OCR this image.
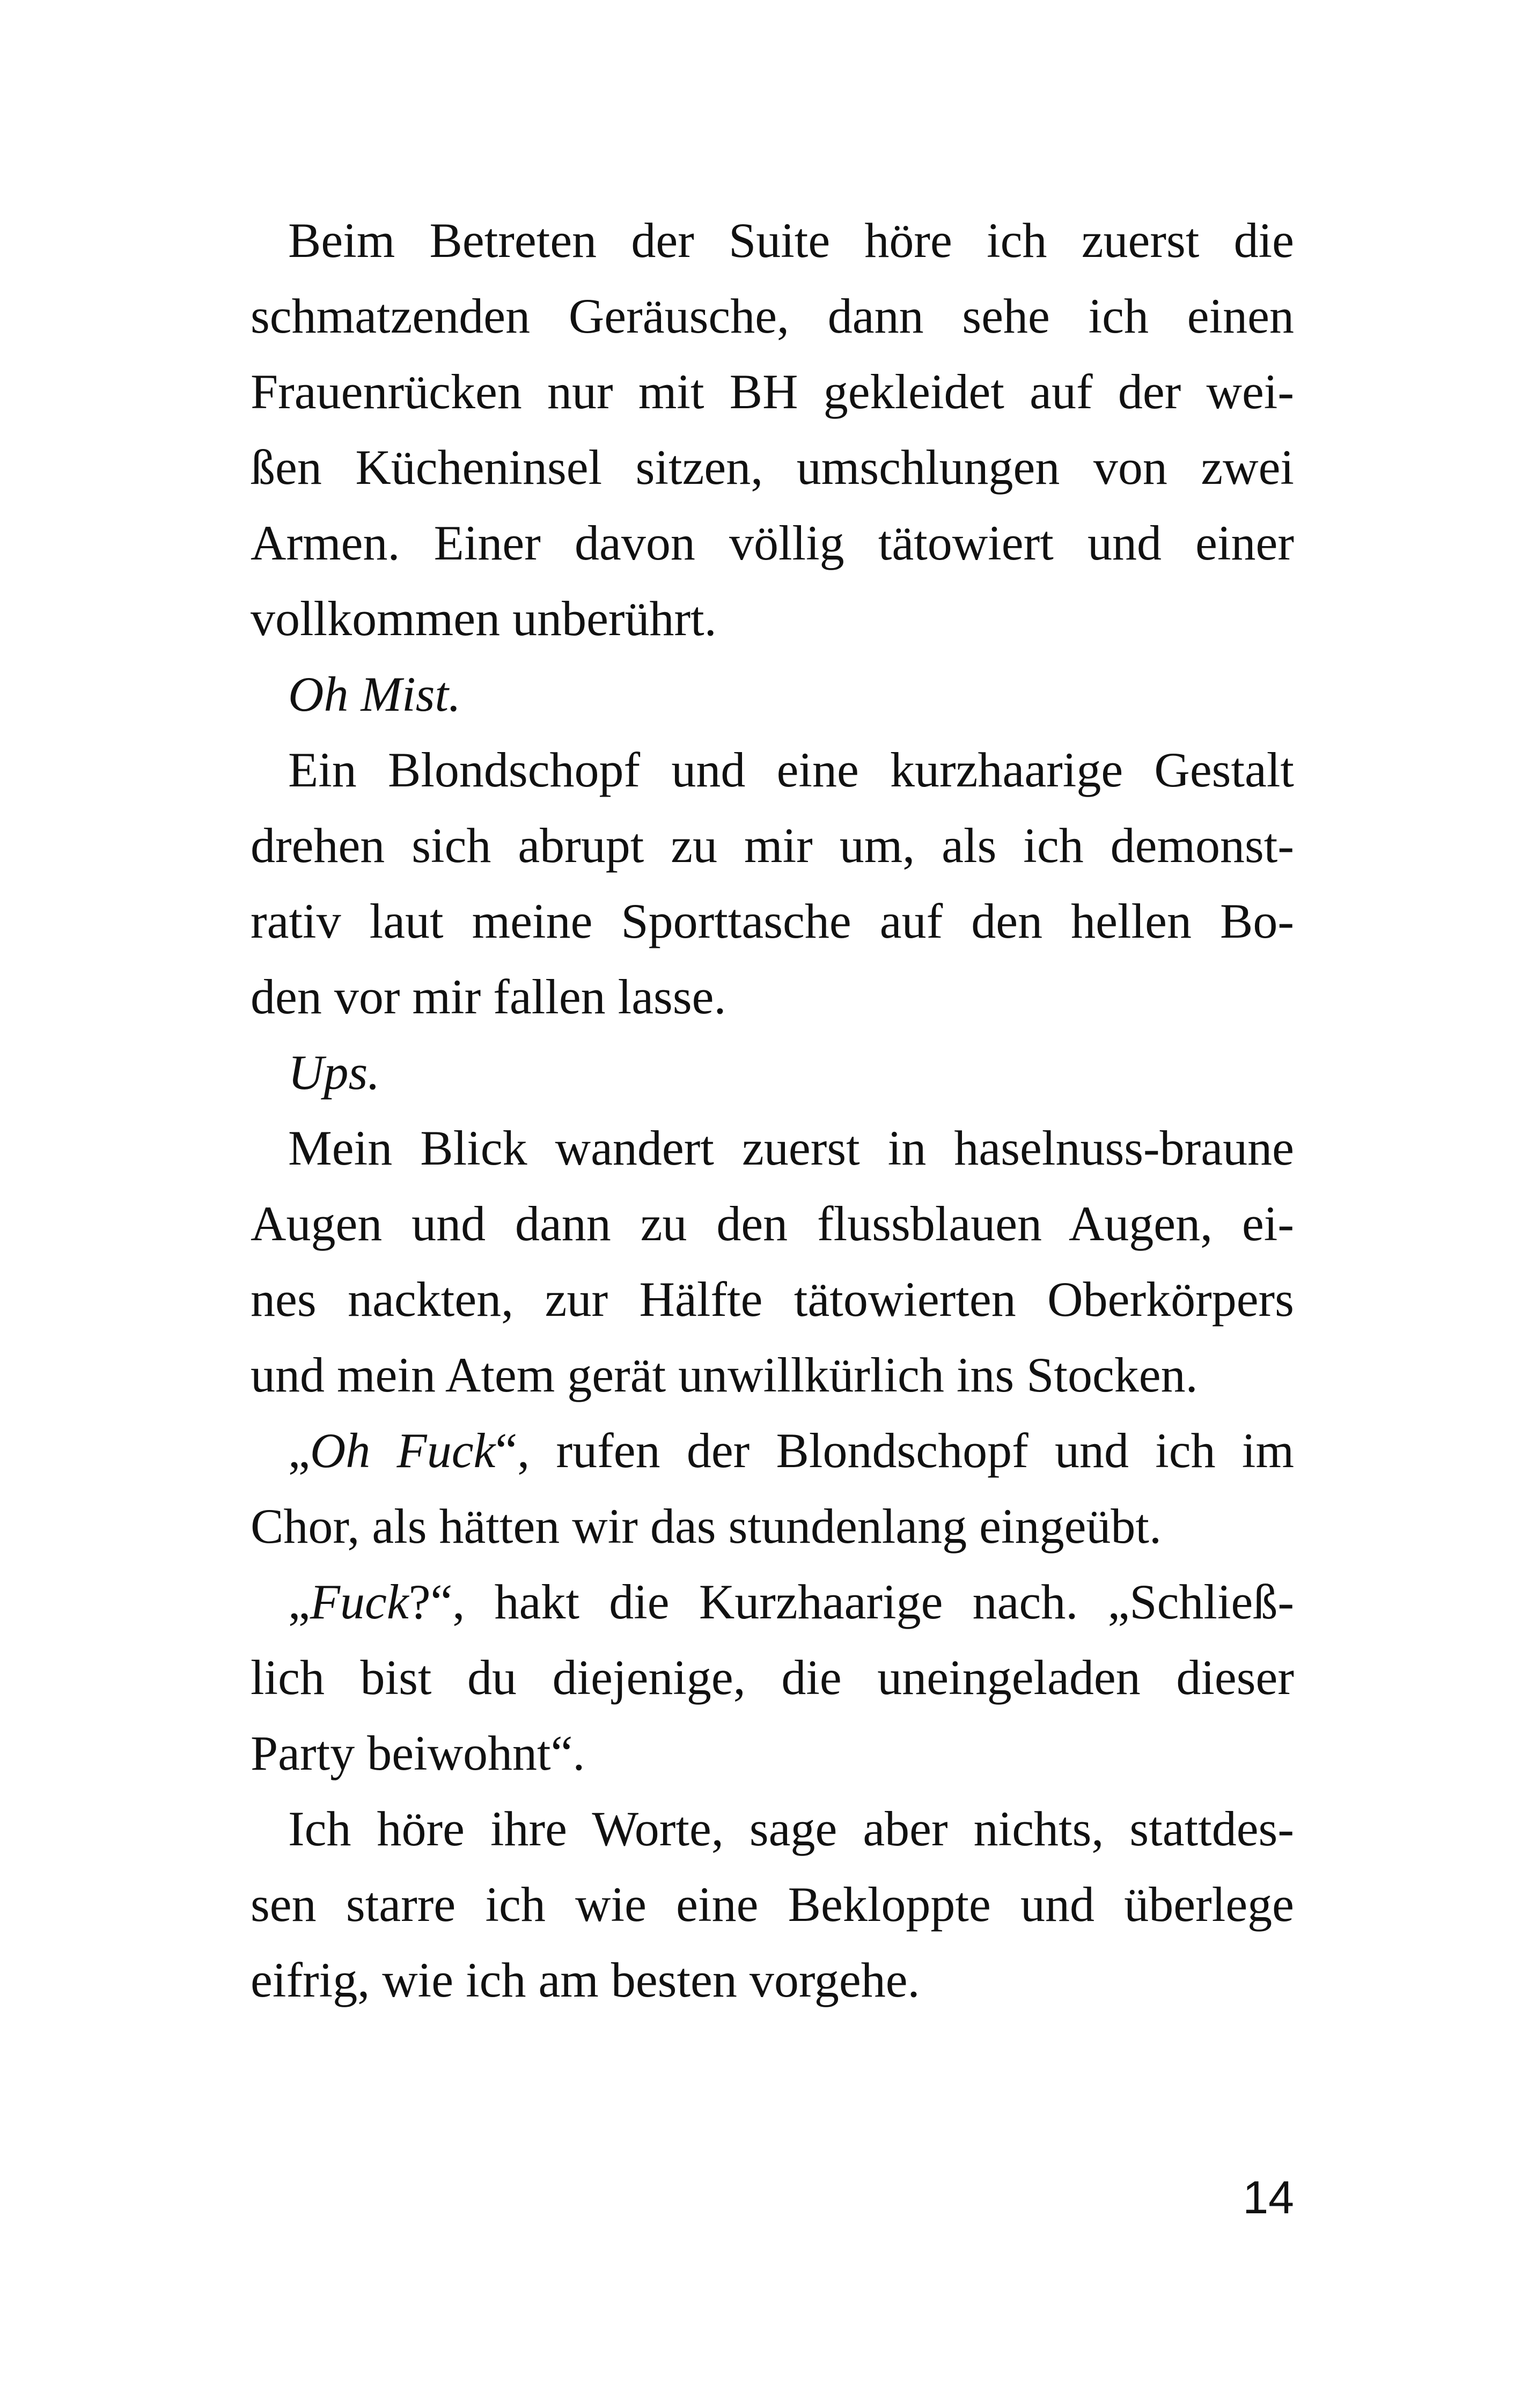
Beim Betreten der Suite höre ich zuerst die
schmatzenden Geräusche, dann sehe ich einen
Frauenrücken nur mit BH gekleidet auf der wei-
ßen Kücheninsel sitzen, umschlungen von zwei
Armen. Einer davon völlig tätowiert und einer
vollkommen unberührt.
Oh Mist.
Ein Blondschopf und eine kurzhaarige Gestalt
drehen sich abrupt zu mir um, als ich demonst-
rativ laut meine Sporttasche auf den hellen Bo-
den vor mir fallen lasse.
Ups.
Mein Blick wandert zuerst in haselnuss-braune
Augen und dann zu den flussblauen Augen, ei-
nes nackten, zur Hälfte tätowierten Oberkörpers
und mein Atem gerät unwillkürlich ins Stocken.
„Oh Fuck“, rufen der Blondschopf und ich im
Chor, als hätten wir das stundenlang eingeübt.
„Fuck?“, hakt die Kurzhaarige nach. „Schließ-
lich bist du diejenige, die uneingeladen dieser
Party beiwohnt“.
Ich höre ihre Worte, sage aber nichts, stattdes-
sen starre ich wie eine Bekloppte und überlege
eifrig, wie ich am besten vorgehe.
14
